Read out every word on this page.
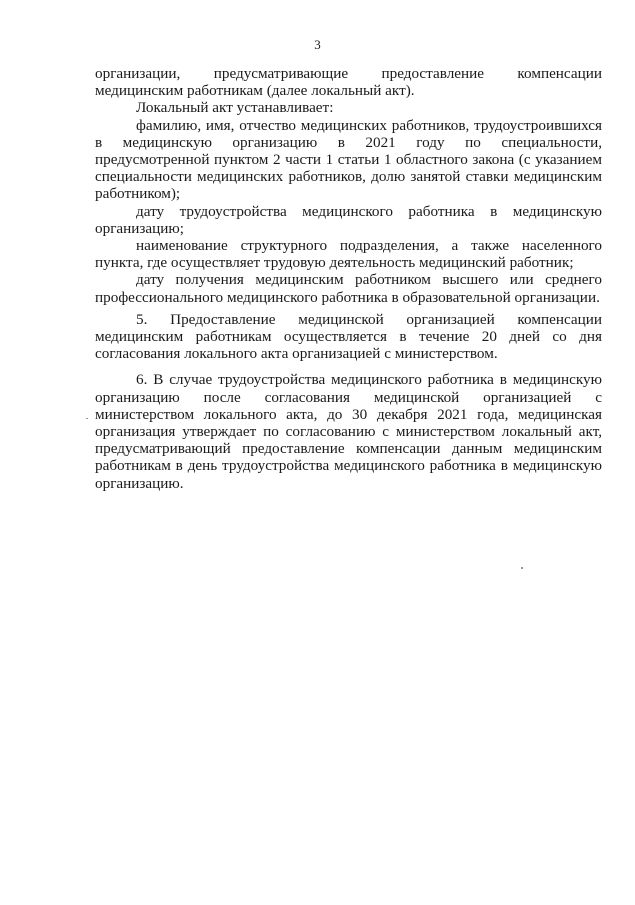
3

организации, предусматривающие предоставление компенсации медицинским работникам (далее локальный акт).

Локальный акт устанавливает:

фамилию, имя, отчество медицинских работников, трудоустроившихся в медицинскую организацию в 2021 году по специальности, предусмотренной пунктом 2 части 1 статьи 1 областного закона (с указанием специальности медицинских работников, долю занятой ставки медицинским работником);

дату трудоустройства медицинского работника в медицинскую организацию;

наименование структурного подразделения, а также населенного пункта, где осуществляет трудовую деятельность медицинский работник;

дату получения медицинским работником высшего или среднего профессионального медицинского работника в образовательной организации.

5. Предоставление медицинской организацией компенсации медицинским работникам осуществляется в течение 20 дней со дня согласования локального акта организацией с министерством.

6. В случае трудоустройства медицинского работника в медицинскую организацию после согласования медицинской организацией с министерством локального акта, до 30 декабря 2021 года, медицинская организация утверждает по согласованию с министерством локальный акт, предусматривающий предоставление компенсации данным медицинским работникам в день трудоустройства медицинского работника в медицинскую организацию.
